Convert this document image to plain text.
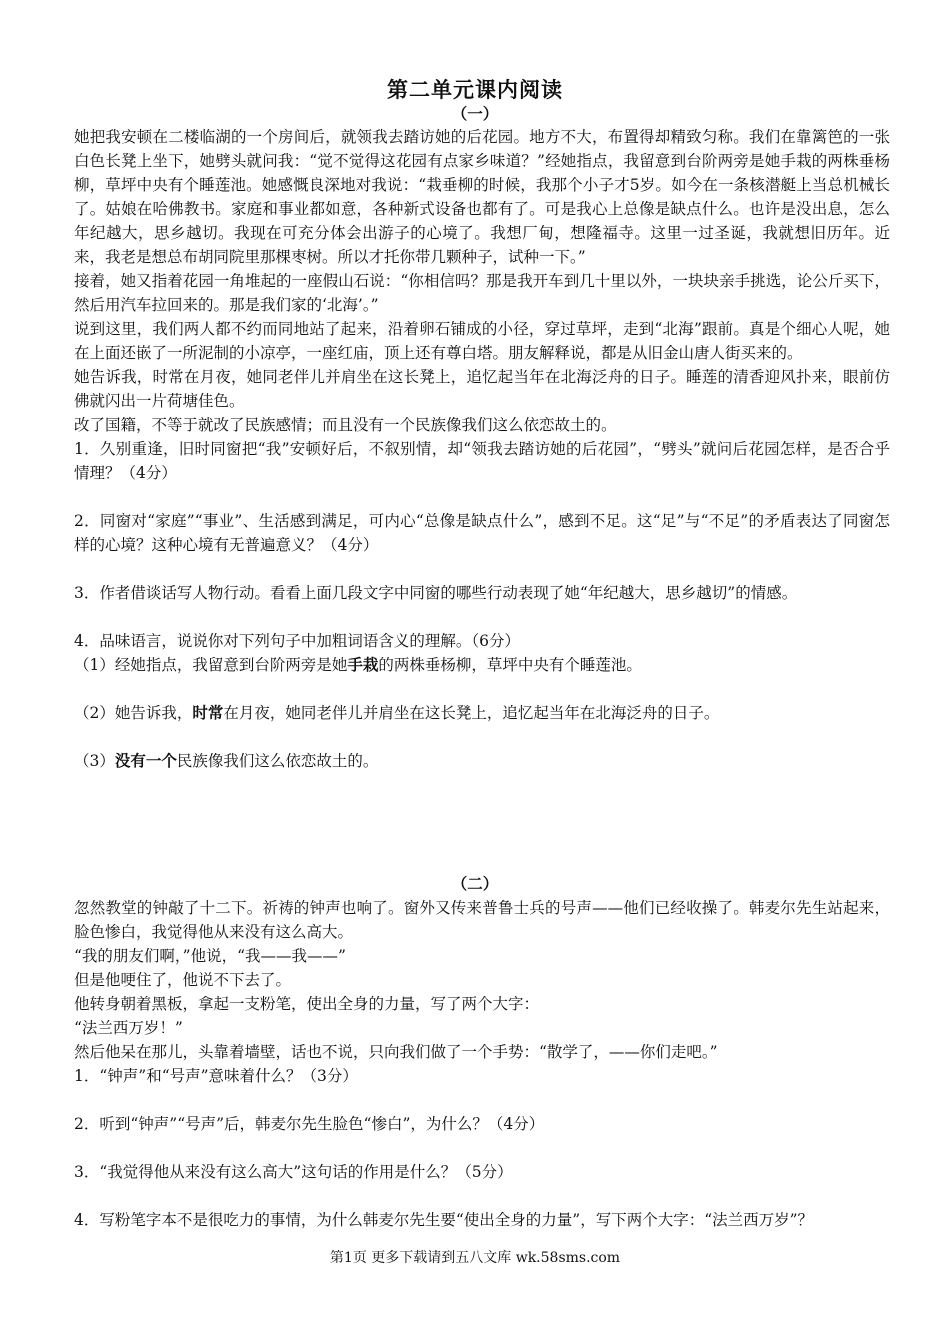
第二单元课内阅读
（一）

她把我安顿在二楼临湖的一个房间后，就领我去踏访她的后花园。地方不大，布置得却精致匀称。我们在靠篱笆的一张白色长凳上坐下，她劈头就问我：“觉不觉得这花园有点家乡味道？”经她指点，我留意到台阶两旁是她手栽的两株垂杨柳，草坪中央有个睡莲池。她感慨良深地对我说：“栽垂柳的时候，我那个小子才5岁。如今在一条核潜艇上当总机械长了。姑娘在哈佛教书。家庭和事业都如意，各种新式设备也都有了。可是我心上总像是缺点什么。也许是没出息，怎么年纪越大，思乡越切。我现在可充分体会出游子的心境了。我想厂甸，想隆福寺。这里一过圣诞，我就想旧历年。近来，我老是想总布胡同院里那棵枣树。所以才托你带几颗种子，试种一下。”

接着，她又指着花园一角堆起的一座假山石说：“你相信吗？那是我开车到几十里以外，一块块亲手挑选，论公斤买下，然后用汽车拉回来的。那是我们家的‘北海’。”

说到这里，我们两人都不约而同地站了起来，沿着卵石铺成的小径，穿过草坪，走到“北海”跟前。真是个细心人呢，她在上面还嵌了一所泥制的小凉亭，一座红庙，顶上还有尊白塔。朋友解释说，都是从旧金山唐人街买来的。

她告诉我，时常在月夜，她同老伴儿并肩坐在这长凳上，追忆起当年在北海泛舟的日子。睡莲的清香迎风扑来，眼前仿佛就闪出一片荷塘佳色。

改了国籍，不等于就改了民族感情；而且没有一个民族像我们这么依恋故土的。

1．久别重逢，旧时同窗把“我”安顿好后，不叙别情，却“领我去踏访她的后花园”，“劈头”就问后花园怎样，是否合乎情理？（4分）

2．同窗对“家庭”“事业”、生活感到满足，可内心“总像是缺点什么”，感到不足。这“足”与“不足”的矛盾表达了同窗怎样的心境？这种心境有无普遍意义？（4分）

3．作者借谈话写人物行动。看看上面几段文字中同窗的哪些行动表现了她“年纪越大，思乡越切”的情感。

4．品味语言，说说你对下列句子中加粗词语含义的理解。（6分）

（1）经她指点，我留意到台阶两旁是她手栽的两株垂杨柳，草坪中央有个睡莲池。

（2）她告诉我，时常在月夜，她同老伴儿并肩坐在这长凳上，追忆起当年在北海泛舟的日子。

（3）没有一个民族像我们这么依恋故土的。

（二）

忽然教堂的钟敲了十二下。祈祷的钟声也响了。窗外又传来普鲁士兵的号声——他们已经收操了。韩麦尔先生站起来，脸色惨白，我觉得他从来没有这么高大。

“我的朋友们啊，”他说，“我——我——”

但是他哽住了，他说不下去了。

他转身朝着黑板，拿起一支粉笔，使出全身的力量，写了两个大字：

“法兰西万岁！”

然后他呆在那儿，头靠着墙壁，话也不说，只向我们做了一个手势：“散学了，——你们走吧。”

1．“钟声”和“号声”意味着什么？（3分）

2．听到“钟声”“号声”后，韩麦尔先生脸色“惨白”，为什么？（4分）

3．“我觉得他从来没有这么高大”这句话的作用是什么？（5分）

4．写粉笔字本不是很吃力的事情，为什么韩麦尔先生要“使出全身的力量”，写下两个大字：“法兰西万岁”？

第1页 更多下载请到五八文库 wk.58sms.com
